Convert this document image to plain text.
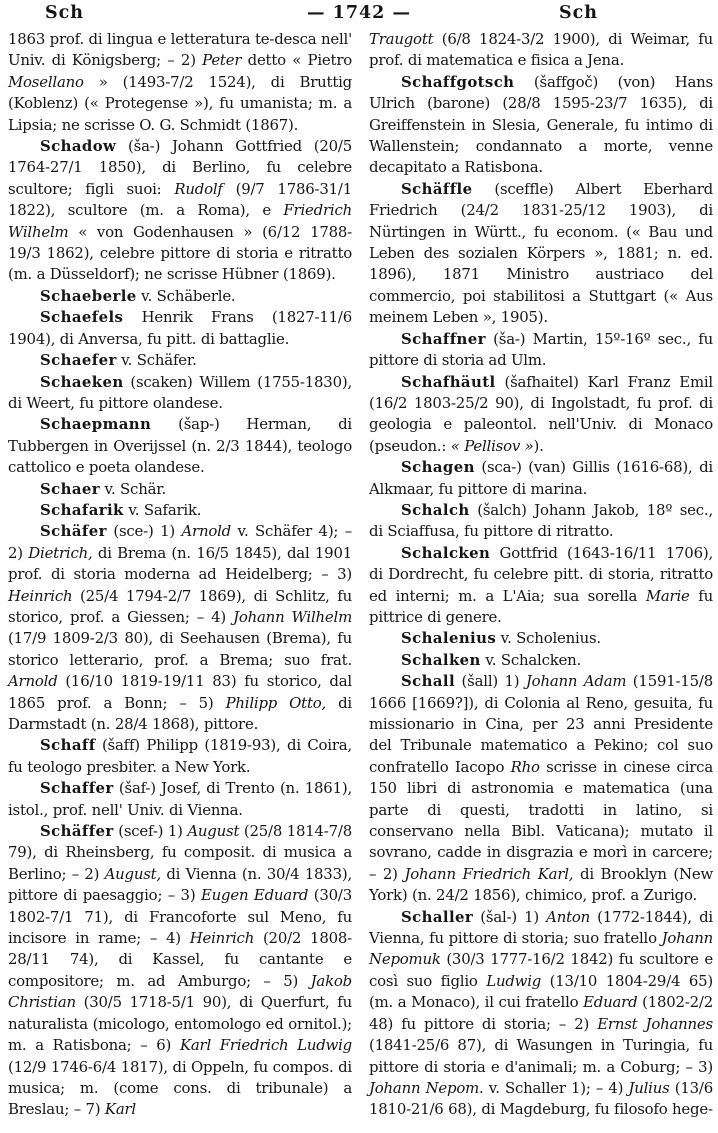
Sch	— 1742 —	Sch

1863 prof. di lingua e letteratura te-desca nell' Univ. di Königsberg; – 2) Peter detto « Pietro Mosellano » (1493-7/2 1524), di Bruttig (Koblenz) (« Protegense »), fu umanista; m. a Lipsia; ne scrisse O. G. Schmidt (1867).

Schadow (ša-) Johann Gottfried (20/5 1764-27/1 1850), di Berlino, fu celebre scultore; figli suoi: Rudolf (9/7 1786-31/1 1822), scultore (m. a Roma), e Friedrich Wilhelm « von Godenhausen » (6/12 1788-19/3 1862), celebre pittore di storia e ritratto (m. a Düsseldorf); ne scrisse Hübner (1869).

Schaeberle v. Schäberle.

Schaefels Henrik Frans (1827-11/6 1904), di Anversa, fu pitt. di battaglie.

Schaefer v. Schäfer.

Schaeken (scaken) Willem (1755-1830), di Weert, fu pittore olandese.

Schaepmann (šap-) Herman, di Tubbergen in Overijssel (n. 2/3 1844), teologo cattolico e poeta olandese.

Schaer v. Schär.

Schafarik v. Safarik.

Schäfer (sce-) 1) Arnold v. Schäfer 4); – 2) Dietrich, di Brema (n. 16/5 1845), dal 1901 prof. di storia moderna ad Heidelberg; – 3) Heinrich (25/4 1794-2/7 1869), di Schlitz, fu storico, prof. a Giessen; – 4) Johann Wilhelm (17/9 1809-2/3 80), di Seehausen (Brema), fu storico letterario, prof. a Brema; suo frat. Arnold (16/10 1819-19/11 83) fu storico, dal 1865 prof. a Bonn; – 5) Philipp Otto, di Darmstadt (n. 28/4 1868), pittore.

Schaff (šaff) Philipp (1819-93), di Coira, fu teologo presbiter. a New York.

Schaffer (šaf-) Josef, di Trento (n. 1861), istol., prof. nell' Univ. di Vienna.

Schäffer (scef-) 1) August (25/8 1814-7/8 79), di Rheinsberg, fu composit. di musica a Berlino; – 2) August, di Vienna (n. 30/4 1833), pittore di paesaggio; – 3) Eugen Eduard (30/3 1802-7/1 71), di Francoforte sul Meno, fu incisore in rame; – 4) Heinrich (20/2 1808-28/11 74), di Kassel, fu cantante e compositore; m. ad Amburgo; – 5) Jakob Christian (30/5 1718-5/1 90), di Querfurt, fu naturalista (micologo, entomologo ed ornitol.); m. a Ratisbona; – 6) Karl Friedrich Ludwig (12/9 1746-6/4 1817), di Oppeln, fu compos. di musica; m. (come cons. di tribunale) a Breslau; – 7) Karl

Traugott (6/8 1824-3/2 1900), di Weimar, fu prof. di matematica e fisica a Jena.

Schaffgotsch (šaffgoč) (von) Hans Ulrich (barone) (28/8 1595-23/7 1635), di Greiffenstein in Slesia, Generale, fu intimo di Wallenstein; condannato a morte, venne decapitato a Ratisbona.

Schäffle (sceffle) Albert Eberhard Friedrich (24/2 1831-25/12 1903), di Nürtingen in Württ., fu econom. (« Bau und Leben des sozialen Körpers », 1881; n. ed. 1896), 1871 Ministro austriaco del commercio, poi stabilitosi a Stuttgart (« Aus meinem Leben », 1905).

Schaffner (ša-) Martin, 15º-16º sec., fu pittore di storia ad Ulm.

Schafhäutl (šafhaitel) Karl Franz Emil (16/2 1803-25/2 90), di Ingolstadt, fu prof. di geologia e paleontol. nell'Univ. di Monaco (pseudon.: « Pellisov »).

Schagen (sca-) (van) Gillis (1616-68), di Alkmaar, fu pittore di marina.

Schalch (šalch) Johann Jakob, 18º sec., di Sciaffusa, fu pittore di ritratto.

Schalcken Gottfrid (1643-16/11 1706), di Dordrecht, fu celebre pitt. di storia, ritratto ed interni; m. a L'Aia; sua sorella Marie fu pittrice di genere.

Schalenius v. Scholenius.

Schalken v. Schalcken.

Schall (šall) 1) Johann Adam (1591-15/8 1666 [1669?]), di Colonia al Reno, gesuita, fu missionario in Cina, per 23 anni Presidente del Tribunale matematico a Pekino; col suo confratello Iacopo Rho scrisse in cinese circa 150 libri di astronomia e matematica (una parte di questi, tradotti in latino, si conservano nella Bibl. Vaticana); mutato il sovrano, cadde in disgrazia e morì in carcere; – 2) Johann Friedrich Karl, di Brooklyn (New York) (n. 24/2 1856), chimico, prof. a Zurigo.

Schaller (šal-) 1) Anton (1772-1844), di Vienna, fu pittore di storia; suo fratello Johann Nepomuk (30/3 1777-16/2 1842) fu scultore e così suo figlio Ludwig (13/10 1804-29/4 65) (m. a Monaco), il cui fratello Eduard (1802-2/2 48) fu pittore di storia; – 2) Ernst Johannes (1841-25/6 87), di Wasungen in Turingia, fu pittore di storia e d'animali; m. a Coburg; – 3) Johann Nepom. v. Schaller 1); – 4) Julius (13/6 1810-21/6 68), di Magdeburg, fu filosofo hege-
